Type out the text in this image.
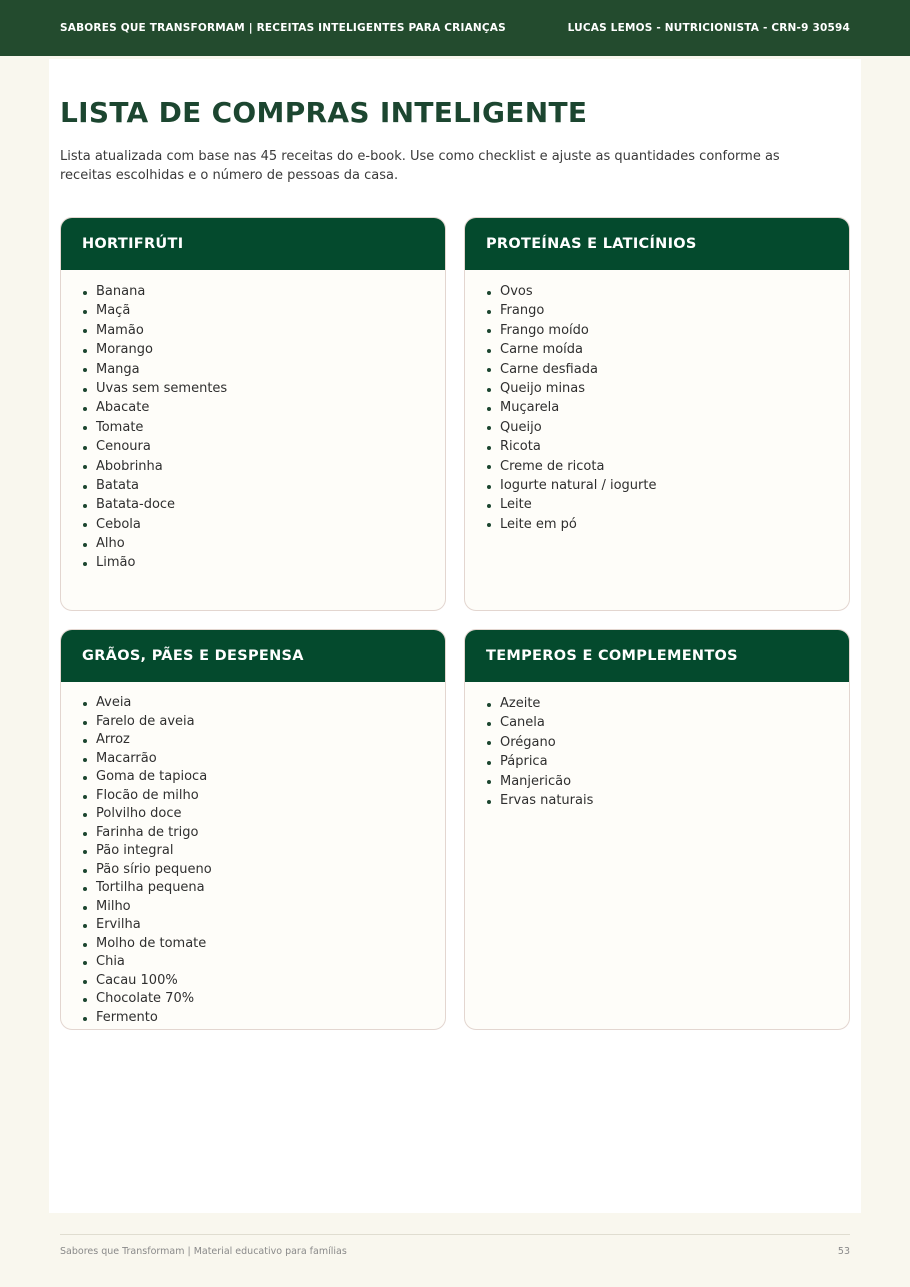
SABORES QUE TRANSFORMAM | RECEITAS INTELIGENTES PARA CRIANÇAS	LUCAS LEMOS - NUTRICIONISTA - CRN-9 30594
LISTA DE COMPRAS INTELIGENTE

Lista atualizada com base nas 45 receitas do e-book. Use como checklist e ajuste as quantidades conforme as receitas escolhidas e o número de pessoas da casa.

HORTIFRÚTI
Banana
Maçã
Mamão
Morango
Manga
Uvas sem sementes
Abacate
Tomate
Cenoura
Abobrinha
Batata
Batata-doce
Cebola
Alho
Limão
PROTEÍNAS E LATICÍNIOS
Ovos
Frango
Frango moído
Carne moída
Carne desfiada
Queijo minas
Muçarela
Queijo
Ricota
Creme de ricota
Iogurte natural / iogurte
Leite
Leite em pó
GRÃOS, PÃES E DESPENSA
Aveia
Farelo de aveia
Arroz
Macarrão
Goma de tapioca
Flocão de milho
Polvilho doce
Farinha de trigo
Pão integral
Pão sírio pequeno
Tortilha pequena
Milho
Ervilha
Molho de tomate
Chia
Cacau 100%
Chocolate 70%
Fermento
TEMPEROS E COMPLEMENTOS
Azeite
Canela
Orégano
Páprica
Manjericão
Ervas naturais
Sabores que Transformam | Material educativo para famílias	53
